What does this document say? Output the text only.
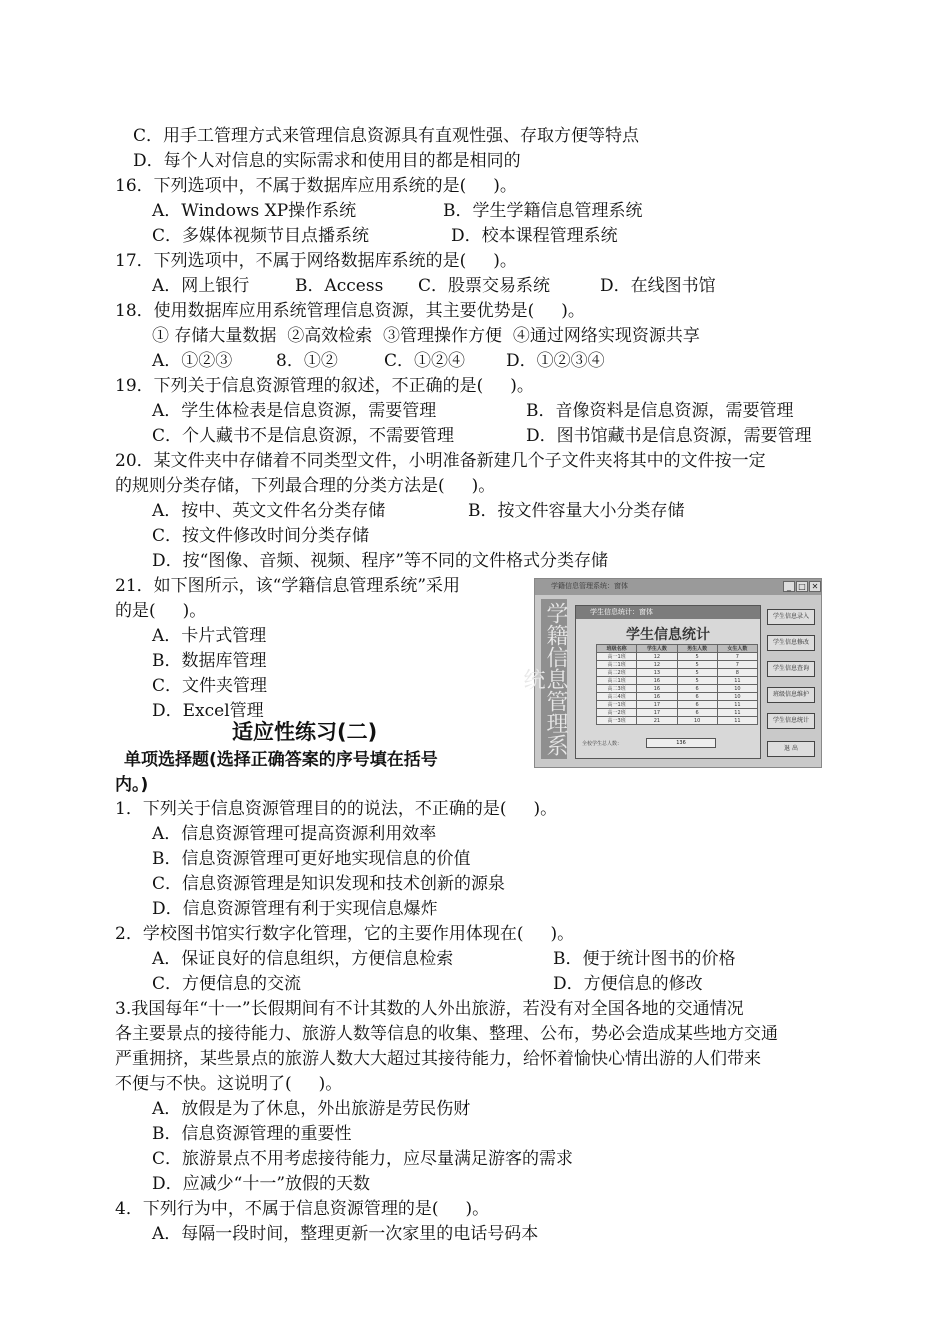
C．用手工管理方式来管理信息资源具有直观性强、存取方便等特点
D．每个人对信息的实际需求和使用目的都是相同的
16．下列选项中，不属于数据库应用系统的是(     )。
A．Windows XP操作系统	B．学生学籍信息管理系统
C．多媒体视频节目点播系统	D．校本课程管理系统
17．下列选项中，不属于网络数据库系统的是(     )。
A．网上银行	B．Access C．股票交易系统	D．在线图书馆
18．使用数据库应用系统管理信息资源，其主要优势是(     )。
① 存储大量数据  ②高效检索  ③管理操作方便  ④通过网络实现资源共享
A．①②③	8．①②	C．①②④ D．①②③④
19．下列关于信息资源管理的叙述，不正确的是(     )。
A．学生体检表是信息资源，需要管理	B．音像资料是信息资源，需要管理
C．个人藏书不是信息资源，不需要管理	D．图书馆藏书是信息资源，需要管理
20．某文件夹中存储着不同类型文件，小明准备新建几个子文件夹将其中的文件按一定
的规则分类存储，下列最合理的分类方法是(     )。
A．按中、英文文件名分类存储	B．按文件容量大小分类存储
C．按文件修改时间分类存储
D．按“图像、音频、视频、程序”等不同的文件格式分类存储
21．如下图所示，该“学籍信息管理系统”采用
的是(     )。
A．卡片式管理
B．数据库管理
C．文件夹管理
D．Excel管理
适应性练习(二)
单项选择题(选择正确答案的序号填在括号
内。)
1．下列关于信息资源管理目的的说法，不正确的是(     )。
A．信息资源管理可提高资源利用效率
B．信息资源管理可更好地实现信息的价值
C．信息资源管理是知识发现和技术创新的源泉
D．信息资源管理有利于实现信息爆炸
2．学校图书馆实行数字化管理，它的主要作用体现在(     )。
A．保证良好的信息组织，方便信息检索	B．便于统计图书的价格
C．方便信息的交流	D．方便信息的修改
3.我国每年“十一”长假期间有不计其数的人外出旅游，若没有对全国各地的交通情况
各主要景点的接待能力、旅游人数等信息的收集、整理、公布，势必会造成某些地方交通
严重拥挤，某些景点的旅游人数大大超过其接待能力，给怀着愉快心情出游的人们带来
不便与不快。这说明了(     )。
A．放假是为了休息，外出旅游是劳民伤财
B．信息资源管理的重要性
C．旅游景点不用考虑接待能力，应尽量满足游客的需求
D．应减少“十一”放假的天数
4．下列行为中，不属于信息资源管理的是(     )。
A．每隔一段时间，整理更新一次家里的电话号码本
学籍信息管理系统：窗体	_ □ ✕
学籍信息管理系统
学生信息统计：窗体
学生信息统计
班级名称	学生人数	男生人数	女生人数
高一1班	12	5	7
高二1班	12	5	7
高二2班	13	5	8
高三1班	16	5	11
高二3班	16	6	10
高三4班	16	6	10
高一1班	17	6	11
高一2班	17	6	11
高一3班	21	10	11
全校学生总人数：	136
学生信息录入
学生信息修改
学生信息查询
班级信息维护
学生信息统计
退 出
